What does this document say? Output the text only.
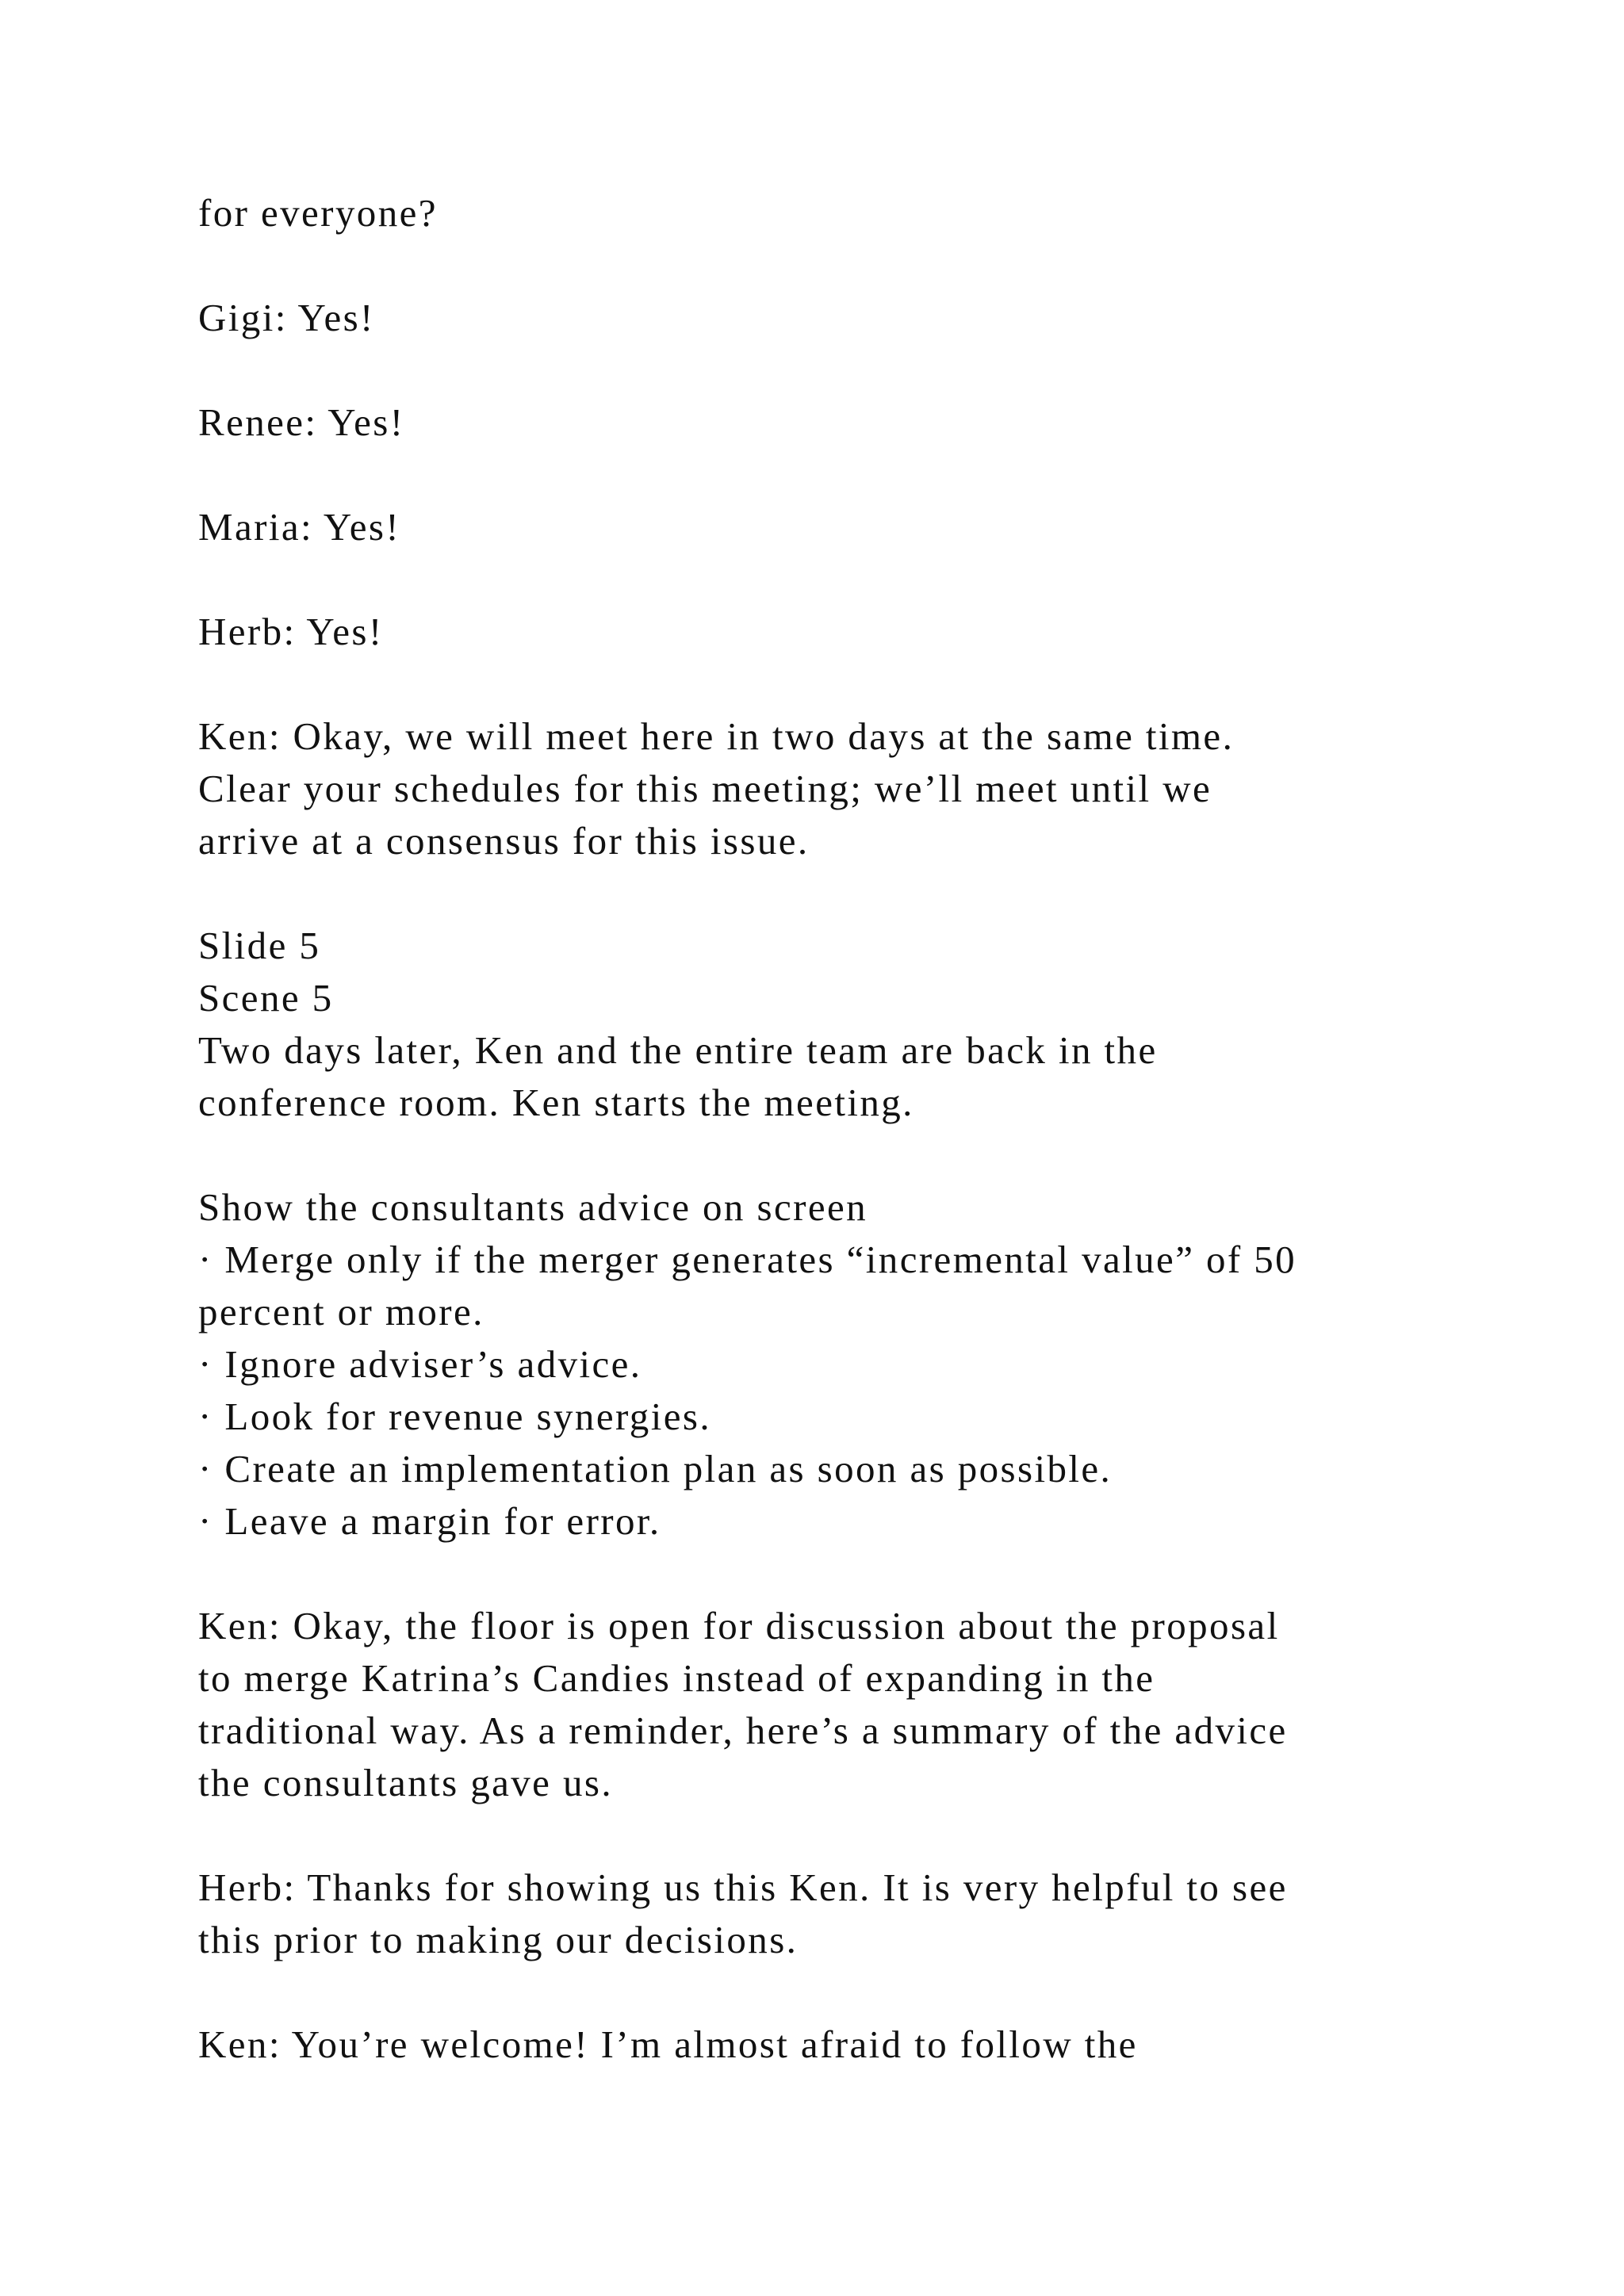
for everyone?
Gigi: Yes!
Renee: Yes!
Maria: Yes!
Herb: Yes!
Ken: Okay, we will meet here in two days at the same time.
Clear your schedules for this meeting; we’ll meet until we
arrive at a consensus for this issue.
Slide 5
Scene 5
Two days later, Ken and the entire team are back in the
conference room. Ken starts the meeting.
Show the consultants advice on screen
· Merge only if the merger generates “incremental value” of 50
percent or more.
· Ignore adviser’s advice.
· Look for revenue synergies.
· Create an implementation plan as soon as possible.
· Leave a margin for error.
Ken: Okay, the floor is open for discussion about the proposal
to merge Katrina’s Candies instead of expanding in the
traditional way. As a reminder, here’s a summary of the advice
the consultants gave us.
Herb: Thanks for showing us this Ken. It is very helpful to see
this prior to making our decisions.
Ken: You’re welcome! I’m almost afraid to follow the
